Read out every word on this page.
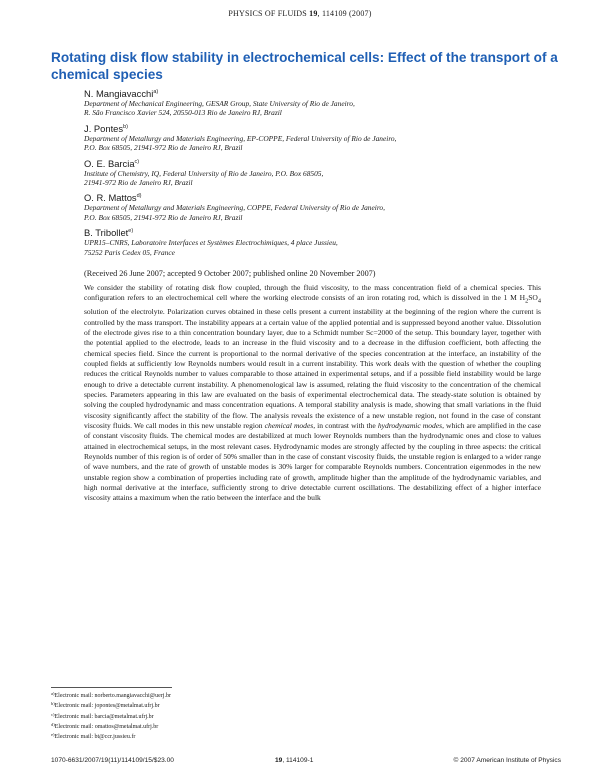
PHYSICS OF FLUIDS 19, 114109 (2007)
Rotating disk flow stability in electrochemical cells: Effect of the transport of a chemical species
N. Mangiavacchi$^{a)}$
Department of Mechanical Engineering, GESAR Group, State University of Rio de Janeiro,
R. São Francisco Xavier 524, 20550-013 Rio de Janeiro RJ, Brazil
J. Pontes$^{b)}$
Department of Metallurgy and Materials Engineering, EP-COPPE, Federal University of Rio de Janeiro,
P.O. Box 68505, 21941-972 Rio de Janeiro RJ, Brazil
O. E. Barcia$^{c)}$
Institute of Chemistry, IQ, Federal University of Rio de Janeiro, P.O. Box 68505,
21941-972 Rio de Janeiro RJ, Brazil
O. R. Mattos$^{d)}$
Department of Metallurgy and Materials Engineering, COPPE, Federal University of Rio de Janeiro,
P.O. Box 68505, 21941-972 Rio de Janeiro RJ, Brazil
B. Tribollet$^{e)}$
UPR15–CNRS, Laboratoire Interfaces et Systèmes Electrochimiques, 4 place Jussieu,
75252 Paris Cedex 05, France
(Received 26 June 2007; accepted 9 October 2007; published online 20 November 2007)

We consider the stability of rotating disk flow coupled, through the fluid viscosity, to the mass concentration field of a chemical species. This configuration refers to an electrochemical cell where the working electrode consists of an iron rotating rod, which is dissolved in the 1 M $H_2SO_4$ solution of the electrolyte. Polarization curves obtained in these cells present a current instability at the beginning of the region where the current is controlled by the mass transport. The instability appears at a certain value of the applied potential and is suppressed beyond another value. Dissolution of the electrode gives rise to a thin concentration boundary layer, due to a Schmidt number Sc=2000 of the setup. This boundary layer, together with the potential applied to the electrode, leads to an increase in the fluid viscosity and to a decrease in the diffusion coefficient, both affecting the chemical species field. Since the current is proportional to the normal derivative of the species concentration at the interface, an instability of the coupled fields at sufficiently low Reynolds numbers would result in a current instability. This work deals with the question of whether the coupling reduces the critical Reynolds number to values comparable to those attained in experimental setups, and if a possible field instability would be large enough to drive a detectable current instability. A phenomenological law is assumed, relating the fluid viscosity to the concentration of the chemical species. Parameters appearing in this law are evaluated on the basis of experimental electrochemical data. The steady-state solution is obtained by solving the coupled hydrodynamic and mass concentration equations. A temporal stability analysis is made, showing that small variations in the fluid viscosity significantly affect the stability of the flow. The analysis reveals the existence of a new unstable region, not found in the case of constant viscosity fluids. We call modes in this new unstable region chemical modes, in contrast with the hydrodynamic modes, which are amplified in the case of constant viscosity fluids. The chemical modes are destabilized at much lower Reynolds numbers than the hydrodynamic ones and close to values attained in electrochemical setups, in the most relevant cases. Hydrodynamic modes are strongly affected by the coupling in three aspects: the critical Reynolds number of this region is of order of 50% smaller than in the case of constant viscosity fluids, the unstable region is enlarged to a wider range of wave numbers, and the rate of growth of unstable modes is 30% larger for comparable Reynolds numbers. Concentration eigenmodes in the new unstable region show a combination of properties including rate of growth, amplitude higher than the amplitude of the hydrodynamic variables, and high normal derivative at the interface, sufficiently strong to drive detectable current oscillations. The destabilizing effect of a higher interface viscosity attains a maximum when the ratio between the interface and the bulk

$^{a)}$Electronic mail: norberto.mangiavacchi@uerj.br
$^{b)}$Electronic mail: jopontes@metalmat.ufrj.br
$^{c)}$Electronic mail: barcia@metalmat.ufrj.br
$^{d)}$Electronic mail: omattos@metalmat.ufrj.br
$^{e)}$Electronic mail: bt@ccr.jussieu.fr
1070-6631/2007/19(11)/114109/15/$23.00	19, 114109-1	© 2007 American Institute of Physics
